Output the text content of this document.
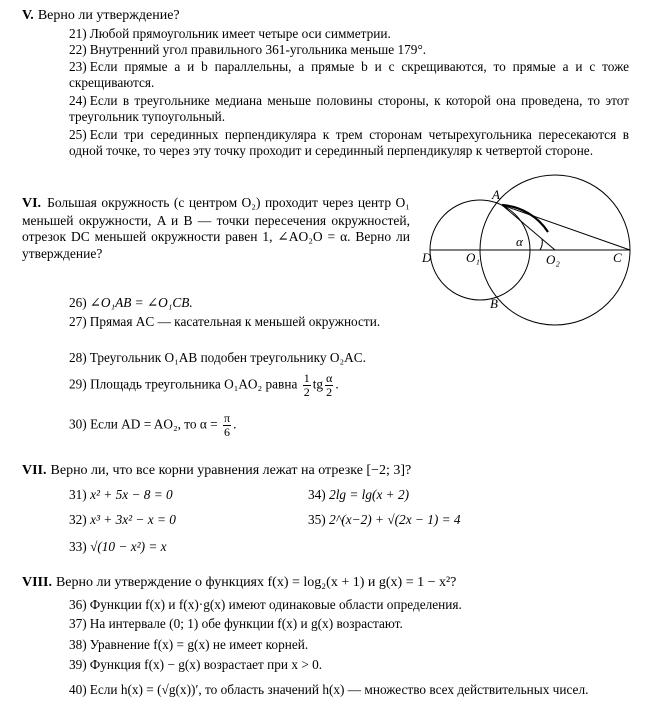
V. Верно ли утверждение?
21) Любой прямоугольник имеет четыре оси симметрии.
22) Внутренний угол правильного 361-угольника меньше 179°.
23) Если прямые a и b параллельны, а прямые b и c скрещиваются, то прямые a и c тоже скрещиваются.
24) Если в треугольнике медиана меньше половины стороны, к которой она проведена, то этот треугольник тупоугольный.
25) Если три серединных перпендикуляра к трем сторонам четырехугольника пересекаются в одной точке, то через эту точку проходит и серединный перпендикуляр к четвертой стороне.
VI. Большая окружность (с центром O₂) проходит через центр O₁ меньшей окружности, A и B — точки пересечения окружностей, отрезок DC меньшей окружности равен 1, ∠AO₂O = α. Верно ли утверждение?
26) ∠O₁AB = ∠O₁CB.
27) Прямая AC — касательная к меньшей окружности.
28) Треугольник O₁AB подобен треугольнику O₂AC.
29) Площадь треугольника O₁AO₂ равна $\frac{1}{2}$ tg $\frac{\alpha}{2}$ .
30) Если AD = AO₂, то $\alpha = \frac{\pi}{6}$ .
A
B
C
D	O₁	O₂
α
VII. Верно ли, что все корни уравнения лежат на отрезке [−2; 3]?
31) x² + 5x − 8 = 0
32) x³ + 3x² − x = 0
33) √(10 − x²) = x
34) 2lg = lg(x + 2)
35) 2^(x−2) + √(2x − 1) = 4
VIII. Верно ли утверждение о функциях f(x) = log₂(x + 1) и g(x) = 1 − x²?
36) Функции f(x) и f(x)·g(x) имеют одинаковые области определения.
37) На интервале (0; 1) обе функции f(x) и g(x) возрастают.
38) Уравнение f(x) = g(x) не имеет корней.
39) Функция f(x) − g(x) возрастает при x > 0.
40) Если h(x) = (√g(x))′, то область значений h(x) — множество всех действительных чисел.
